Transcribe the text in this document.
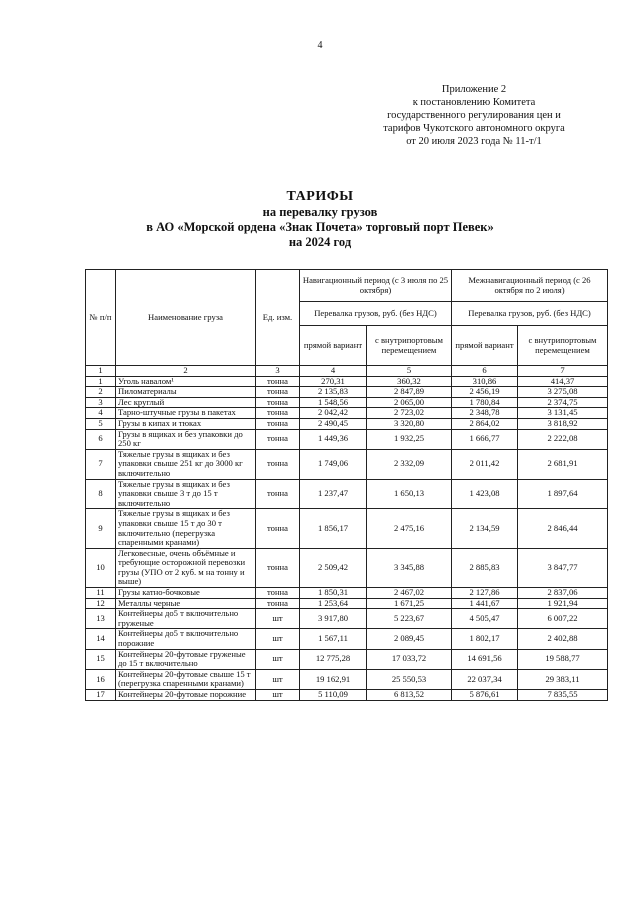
4
Приложение 2
к постановлению Комитета
государственного регулирования цен и
тарифов Чукотского автономного округа
от 20 июля 2023 года № 11-т/1
ТАРИФЫ
на перевалку грузов
в АО «Морской ордена «Знак Почета» торговый порт Певек»
на 2024 год
№ п/п	Наименование груза	Ед. изм.	Навигационный период (с 3 июля по 25 октября)		Межнавигационный период (с 26 октября по 2 июля)	
			Перевалка грузов, руб. (без НДС)		Перевалка грузов, руб. (без НДС)	
			прямой вариант	с внутрипортовым перемещением	прямой вариант	с внутрипортовым перемещением
1	2	3	4	5	6	7
1	Уголь навалом¹	тонна	270,31	360,32	310,86	414,37
2	Пиломатериалы	тонна	2 135,83	2 847,89	2 456,19	3 275,08
3	Лес круглый	тонна	1 548,56	2 065,00	1 780,84	2 374,75
4	Тарно-штучные грузы в пакетах	тонна	2 042,42	2 723,02	2 348,78	3 131,45
5	Грузы в кипах и тюках	тонна	2 490,45	3 320,80	2 864,02	3 818,92
6	Грузы в ящиках и без упаковки до 250 кг	тонна	1 449,36	1 932,25	1 666,77	2 222,08
7	Тяжелые грузы в ящиках и без упаковки свыше 251 кг до 3000 кг включительно	тонна	1 749,06	2 332,09	2 011,42	2 681,91
8	Тяжелые грузы в ящиках и без упаковки свыше 3 т до 15 т включительно	тонна	1 237,47	1 650,13	1 423,08	1 897,64
9	Тяжелые грузы в ящиках и без упаковки свыше 15 т до 30 т включительно (перегрузка спаренными кранами)	тонна	1 856,17	2 475,16	2 134,59	2 846,44
10	Легковесные, очень объёмные и требующие осторожной перевозки грузы (УПО от 2 куб. м на тонну и выше)	тонна	2 509,42	3 345,88	2 885,83	3 847,77
11	Грузы катно-бочковые	тонна	1 850,31	2 467,02	2 127,86	2 837,06
12	Металлы черные	тонна	1 253,64	1 671,25	1 441,67	1 921,94
13	Контейнеры до5 т включительно груженые	шт	3 917,80	5 223,67	4 505,47	6 007,22
14	Контейнеры до5 т включительно порожние	шт	1 567,11	2 089,45	1 802,17	2 402,88
15	Контейнеры 20-футовые груженые до 15 т включительно	шт	12 775,28	17 033,72	14 691,56	19 588,77
16	Контейнеры 20-футовые свыше 15 т (перегрузка спаренными кранами)	шт	19 162,91	25 550,53	22 037,34	29 383,11
17	Контейнеры 20-футовые порожние	шт	5 110,09	6 813,52	5 876,61	7 835,55
